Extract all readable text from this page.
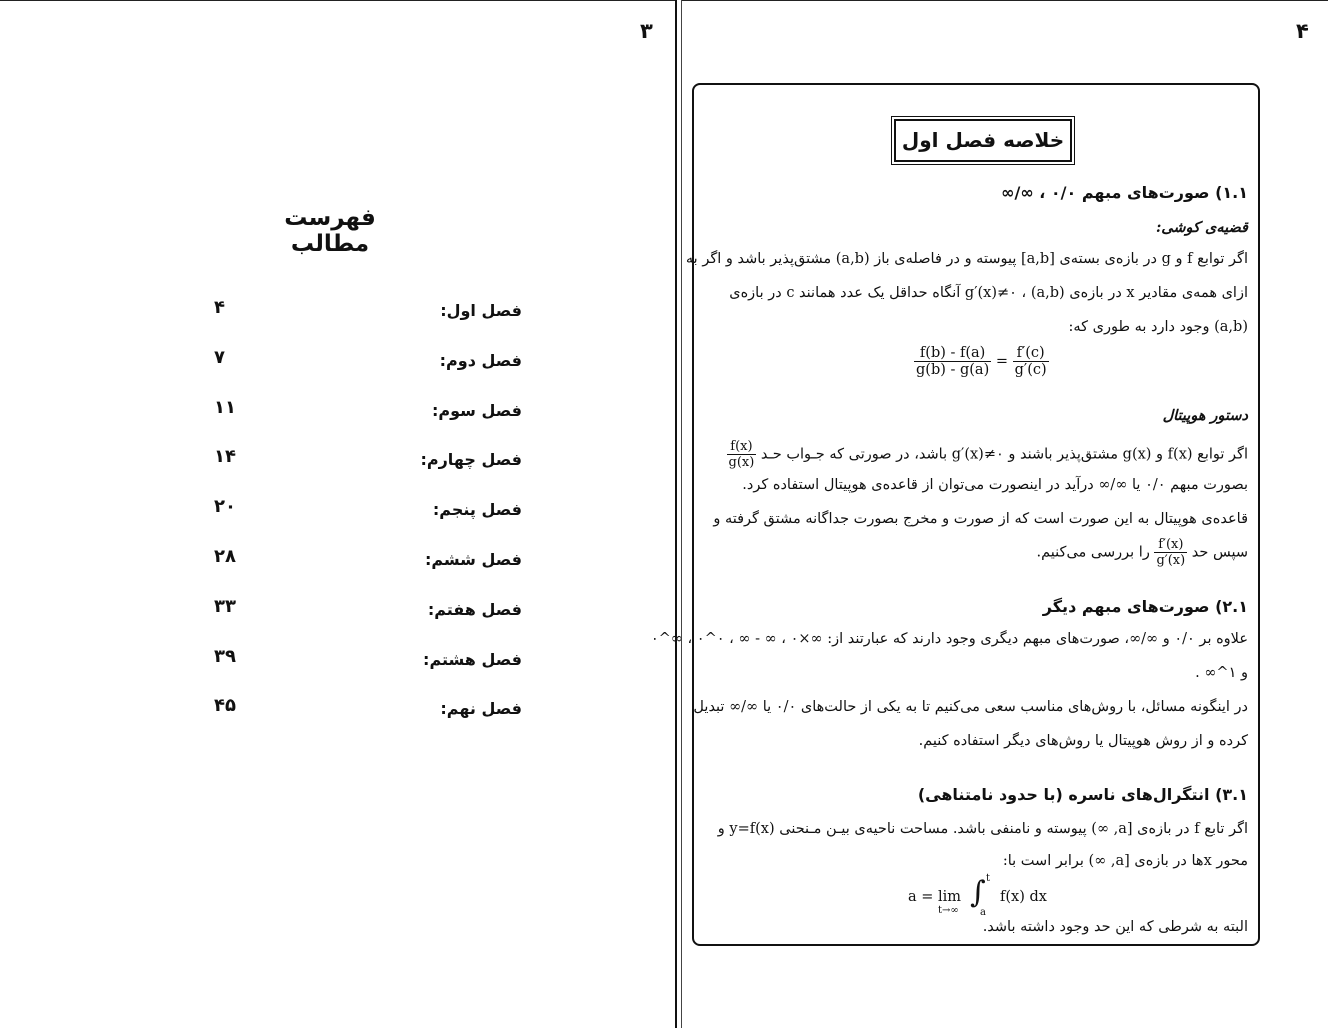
۳
فهرست مطالب
فصل اول:
۴
فصل دوم:
۷
فصل سوم:
۱۱
فصل چهارم:
۱۴
فصل پنجم:
۲۰
فصل ششم:
۲۸
فصل هفتم:
۳۳
فصل هشتم:
۳۹
فصل نهم:
۴۵
۴
خلاصه فصل اول
۱.۱) صورت‌های مبهم ۰/۰ ، ∞/∞
قضیه‌ی کوشی:
اگر توابع f و g در بازه‌ی بسته‌ی [a,b] پیوسته و در فاصله‌ی باز (a,b) مشتق‌پذیر باشد و اگر به
ازای همه‌ی مقادیر x در بازه‌ی (a,b) ، g′(x)≠۰ آنگاه حداقل یک عدد همانند c در بازه‌ی
(a,b) وجود دارد به طوری که:
$\frac{f(b) - f(a)}{g(b) - g(a)} = \frac{f'(c)}{g'(c)}$
دستور هوپیتال
اگر توابع f(x) و g(x) مشتق‌پذیر باشند و g′(x)≠۰ باشد، در صورتی که جـواب حـد
$\frac{f(x)}{g(x)}$
بصورت مبهم ۰/۰ یا ∞/∞ درآید در اینصورت می‌توان از قاعده‌ی هوپیتال استفاده کرد.
قاعده‌ی هوپیتال به این صورت است که از صورت و مخرج بصورت جداگانه مشتق گرفته و
سپس حد
$\frac{f'(x)}{g'(x)}$
را بررسی می‌کنیم.
۲.۱) صورت‌های مبهم دیگر
علاوه بر ۰/۰ و ∞/∞، صورت‌های مبهم دیگری وجود دارند که عبارتند از: ∞×۰ ، ∞ - ∞ ، ۰^۰ ، ∞^۰
و ۱^∞ .
در اینگونه مسائل، با روش‌های مناسب سعی می‌کنیم تا به یکی از حالت‌های ۰/۰ یا ∞/∞ تبدیل
کرده و از روش هوپیتال یا روش‌های دیگر استفاده کنیم.
۳.۱) انتگرال‌های ناسره (با حدود نامتناهی)
اگر تابع f در بازه‌ی [a, ∞) پیوسته و نامنفی باشد. مساحت ناحیه‌ی بیـن مـنحنی y=f(x) و
محور xها در بازه‌ی [a, ∞) برابر است با:
a = lim
t→∞
∫ t
a
f(x) dx
البته به شرطی که این حد وجود داشته باشد.
